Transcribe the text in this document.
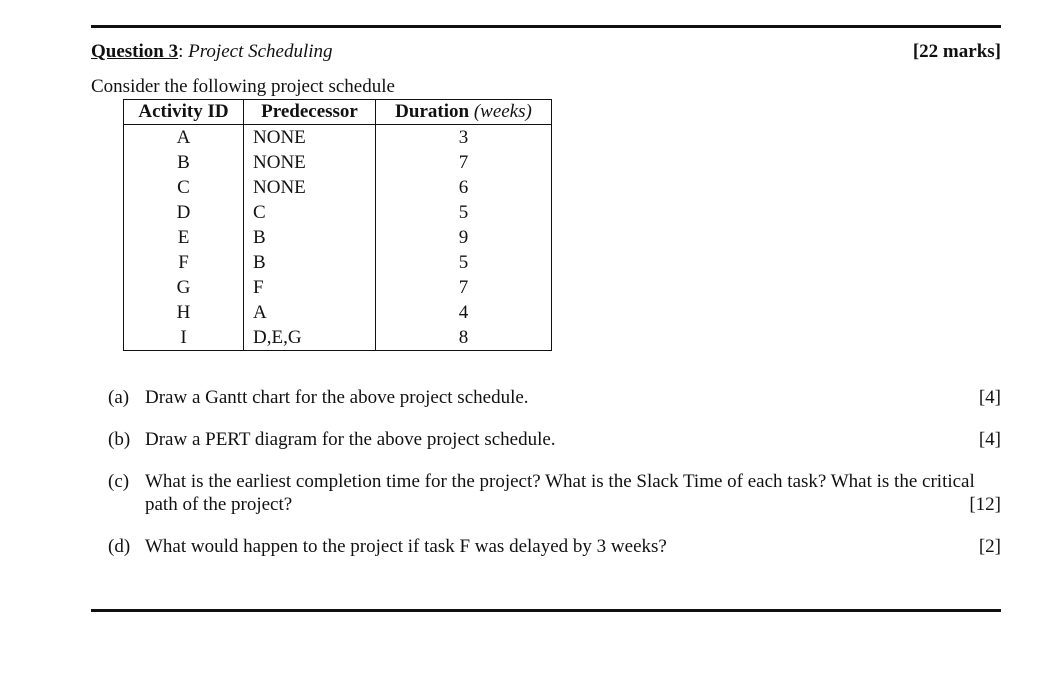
Question 3: Project Scheduling	[22 marks]
Consider the following project schedule
Activity ID	Predecessor	Duration (weeks)
A	NONE	3
B	NONE	7
C	NONE	6
D	C	5
E	B	9
F	B	5
G	F	7
H	A	4
I	D,E,G	8
(a) Draw a Gantt chart for the above project schedule.	[4]
(b) Draw a PERT diagram for the above project schedule.	[4]
(c) What is the earliest completion time for the project? What is the Slack Time of each task? What is the critical path of the project?	[12]
(d) What would happen to the project if task F was delayed by 3 weeks?	[2]
